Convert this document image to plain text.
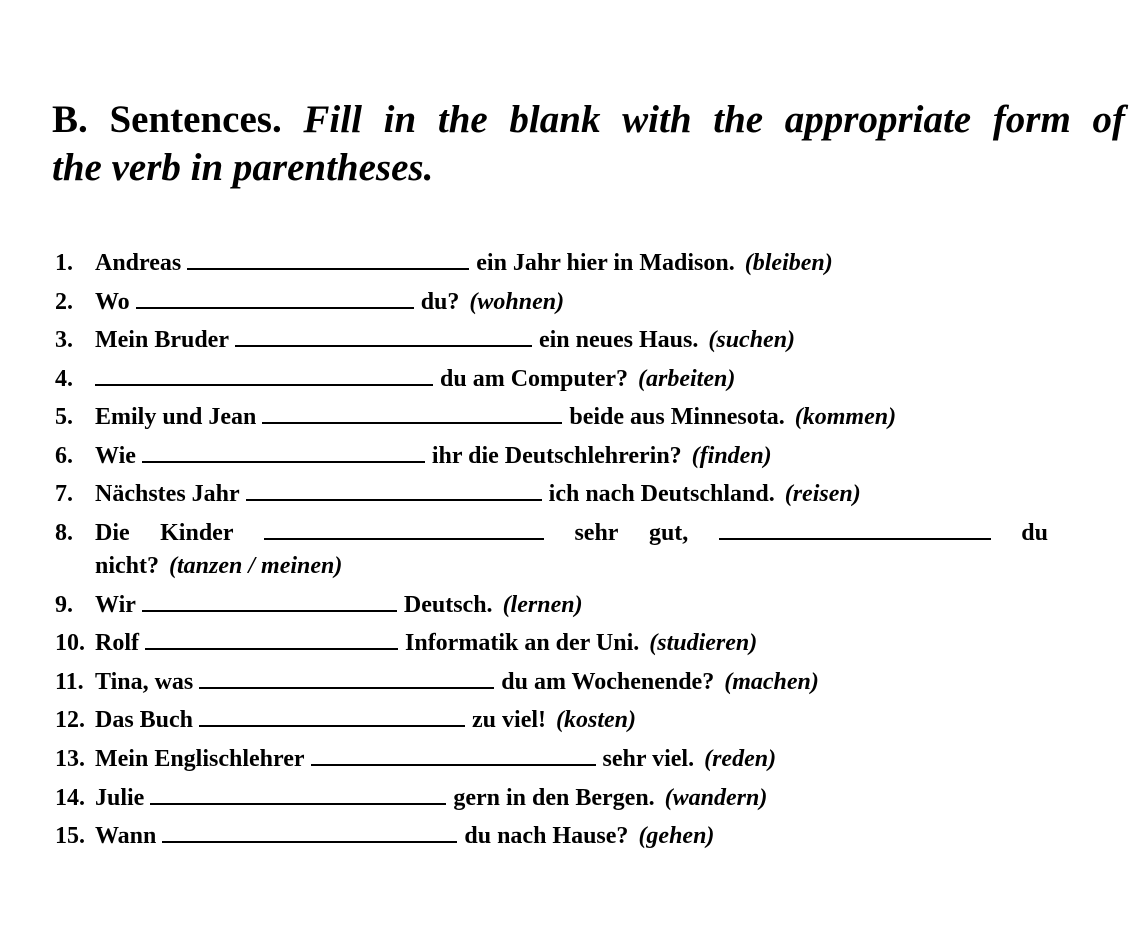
B. Sentences. Fill in the blank with the appropriate form of
the verb in parentheses.
1. Andreas	ein Jahr hier in Madison. (bleiben)
2. Wo	du? (wohnen)
3. Mein Bruder	ein neues Haus. (suchen)
4.	du am Computer? (arbeiten)
5. Emily und Jean	beide aus Minnesota. (kommen)
6. Wie	ihr die Deutschlehrerin? (finden)
7. Nächstes Jahr	ich nach Deutschland. (reisen)
8. Die Kinder	sehr gut,	du
nicht? (tanzen / meinen)
9. Wir	Deutsch. (lernen)
10. Rolf	Informatik an der Uni. (studieren)
11. Tina, was	du am Wochenende? (machen)
12. Das Buch	zu viel! (kosten)
13. Mein Englischlehrer	sehr viel. (reden)
14. Julie	gern in den Bergen. (wandern)
15. Wann	du nach Hause? (gehen)
